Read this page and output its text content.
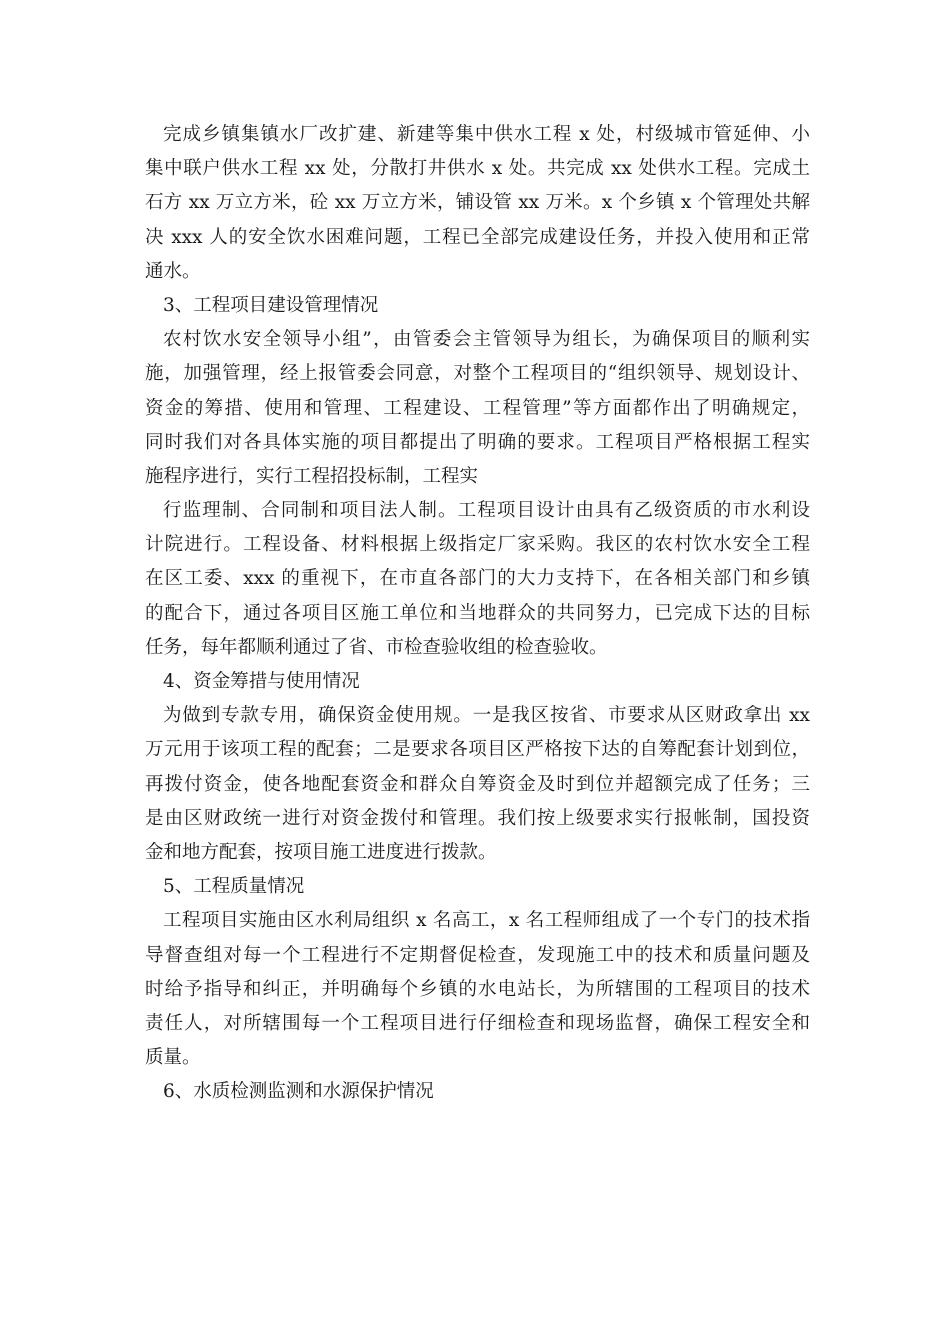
完成乡镇集镇水厂改扩建、新建等集中供水工程 x 处，村级城市管延伸、小
集中联户供水工程 xx 处，分散打井供水 x 处。共完成 xx 处供水工程。完成土
石方 xx 万立方米，砼 xx 万立方米，铺设管 xx 万米。x 个乡镇 x 个管理处共解
决 xxx 人的安全饮水困难问题，工程已全部完成建设任务，并投入使用和正常
通水。
3、工程项目建设管理情况
农村饮水安全领导小组”，由管委会主管领导为组长，为确保项目的顺利实
施，加强管理，经上报管委会同意，对整个工程项目的“组织领导、规划设计、
资金的筹措、使用和管理、工程建设、工程管理”等方面都作出了明确规定，
同时我们对各具体实施的项目都提出了明确的要求。工程项目严格根据工程实
施程序进行，实行工程招投标制，工程实
行监理制、合同制和项目法人制。工程项目设计由具有乙级资质的市水利设
计院进行。工程设备、材料根据上级指定厂家采购。我区的农村饮水安全工程
在区工委、xxx 的重视下，在市直各部门的大力支持下，在各相关部门和乡镇
的配合下，通过各项目区施工单位和当地群众的共同努力，已完成下达的目标
任务，每年都顺利通过了省、市检查验收组的检查验收。
4、资金筹措与使用情况
为做到专款专用，确保资金使用规。一是我区按省、市要求从区财政拿出 xx
万元用于该项工程的配套；二是要求各项目区严格按下达的自筹配套计划到位，
再拨付资金，使各地配套资金和群众自筹资金及时到位并超额完成了任务；三
是由区财政统一进行对资金拨付和管理。我们按上级要求实行报帐制，国投资
金和地方配套，按项目施工进度进行拨款。
5、工程质量情况
工程项目实施由区水利局组织 x 名高工，x 名工程师组成了一个专门的技术指
导督查组对每一个工程进行不定期督促检查，发现施工中的技术和质量问题及
时给予指导和纠正，并明确每个乡镇的水电站长，为所辖围的工程项目的技术
责任人，对所辖围每一个工程项目进行仔细检查和现场监督，确保工程安全和
质量。
6、水质检测监测和水源保护情况
